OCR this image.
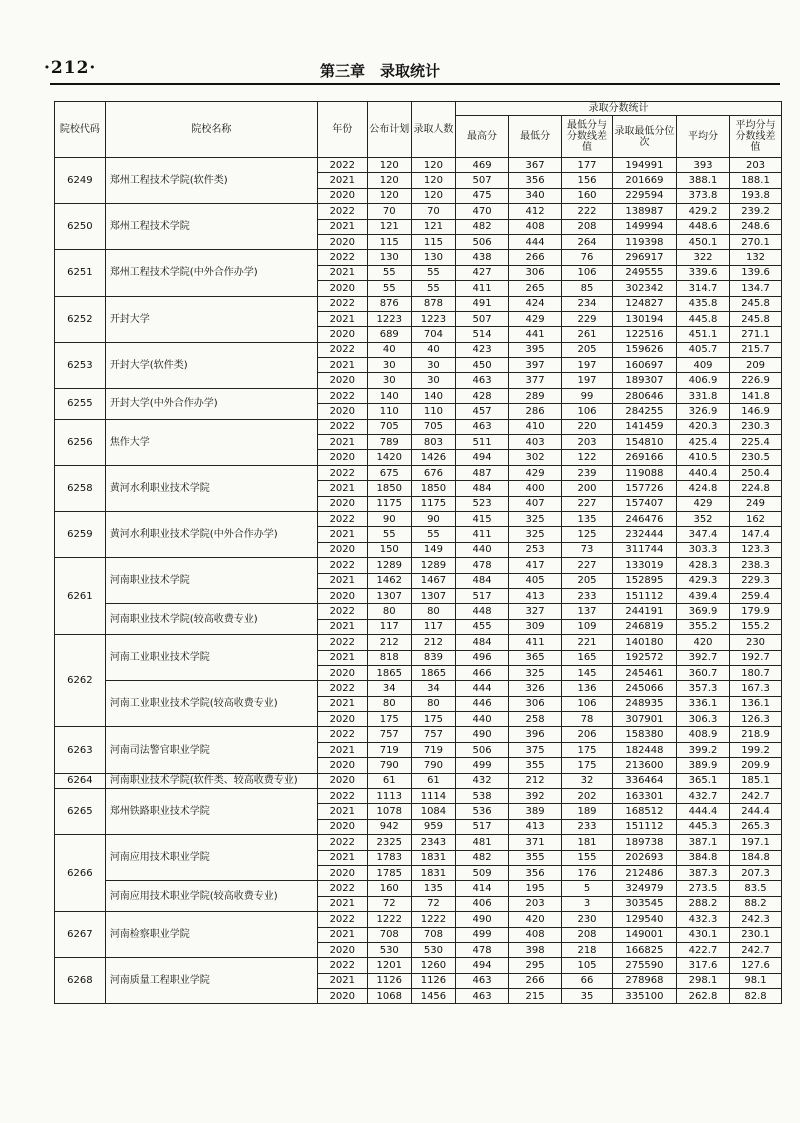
·212·	第三章　录取统计
院校代码	院校名称	年份	公布计划	录取人数	录取分数统计					
					最高分	最低分	最低分与分数线差值	录取最低分位次	平均分	平均分与分数线差值
6249	郑州工程技术学院(软件类)	2022	120	120	469	367	177	194991	393	203
		2021	120	120	507	356	156	201669	388.1	188.1
		2020	120	120	475	340	160	229594	373.8	193.8
6250	郑州工程技术学院	2022	70	70	470	412	222	138987	429.2	239.2
		2021	121	121	482	408	208	149994	448.6	248.6
		2020	115	115	506	444	264	119398	450.1	270.1
6251	郑州工程技术学院(中外合作办学)	2022	130	130	438	266	76	296917	322	132
		2021	55	55	427	306	106	249555	339.6	139.6
		2020	55	55	411	265	85	302342	314.7	134.7
6252	开封大学	2022	876	878	491	424	234	124827	435.8	245.8
		2021	1223	1223	507	429	229	130194	445.8	245.8
		2020	689	704	514	441	261	122516	451.1	271.1
6253	开封大学(软件类)	2022	40	40	423	395	205	159626	405.7	215.7
		2021	30	30	450	397	197	160697	409	209
		2020	30	30	463	377	197	189307	406.9	226.9
6255	开封大学(中外合作办学)	2022	140	140	428	289	99	280646	331.8	141.8
		2020	110	110	457	286	106	284255	326.9	146.9
6256	焦作大学	2022	705	705	463	410	220	141459	420.3	230.3
		2021	789	803	511	403	203	154810	425.4	225.4
		2020	1420	1426	494	302	122	269166	410.5	230.5
6258	黄河水利职业技术学院	2022	675	676	487	429	239	119088	440.4	250.4
		2021	1850	1850	484	400	200	157726	424.8	224.8
		2020	1175	1175	523	407	227	157407	429	249
6259	黄河水利职业技术学院(中外合作办学)	2022	90	90	415	325	135	246476	352	162
		2021	55	55	411	325	125	232444	347.4	147.4
		2020	150	149	440	253	73	311744	303.3	123.3
6261	河南职业技术学院	2022	1289	1289	478	417	227	133019	428.3	238.3
		2021	1462	1467	484	405	205	152895	429.3	229.3
		2020	1307	1307	517	413	233	151112	439.4	259.4
	河南职业技术学院(较高收费专业)	2022	80	80	448	327	137	244191	369.9	179.9
		2021	117	117	455	309	109	246819	355.2	155.2
6262	河南工业职业技术学院	2022	212	212	484	411	221	140180	420	230
		2021	818	839	496	365	165	192572	392.7	192.7
		2020	1865	1865	466	325	145	245461	360.7	180.7
	河南工业职业技术学院(较高收费专业)	2022	34	34	444	326	136	245066	357.3	167.3
		2021	80	80	446	306	106	248935	336.1	136.1
		2020	175	175	440	258	78	307901	306.3	126.3
6263	河南司法警官职业学院	2022	757	757	490	396	206	158380	408.9	218.9
		2021	719	719	506	375	175	182448	399.2	199.2
		2020	790	790	499	355	175	213600	389.9	209.9
6264	河南职业技术学院(软件类、较高收费专业)	2020	61	61	432	212	32	336464	365.1	185.1
6265	郑州铁路职业技术学院	2022	1113	1114	538	392	202	163301	432.7	242.7
		2021	1078	1084	536	389	189	168512	444.4	244.4
		2020	942	959	517	413	233	151112	445.3	265.3
6266	河南应用技术职业学院	2022	2325	2343	481	371	181	189738	387.1	197.1
		2021	1783	1831	482	355	155	202693	384.8	184.8
		2020	1785	1831	509	356	176	212486	387.3	207.3
	河南应用技术职业学院(较高收费专业)	2022	160	135	414	195	5	324979	273.5	83.5
		2021	72	72	406	203	3	303545	288.2	88.2
6267	河南检察职业学院	2022	1222	1222	490	420	230	129540	432.3	242.3
		2021	708	708	499	408	208	149001	430.1	230.1
		2020	530	530	478	398	218	166825	422.7	242.7
6268	河南质量工程职业学院	2022	1201	1260	494	295	105	275590	317.6	127.6
		2021	1126	1126	463	266	66	278968	298.1	98.1
		2020	1068	1456	463	215	35	335100	262.8	82.8
